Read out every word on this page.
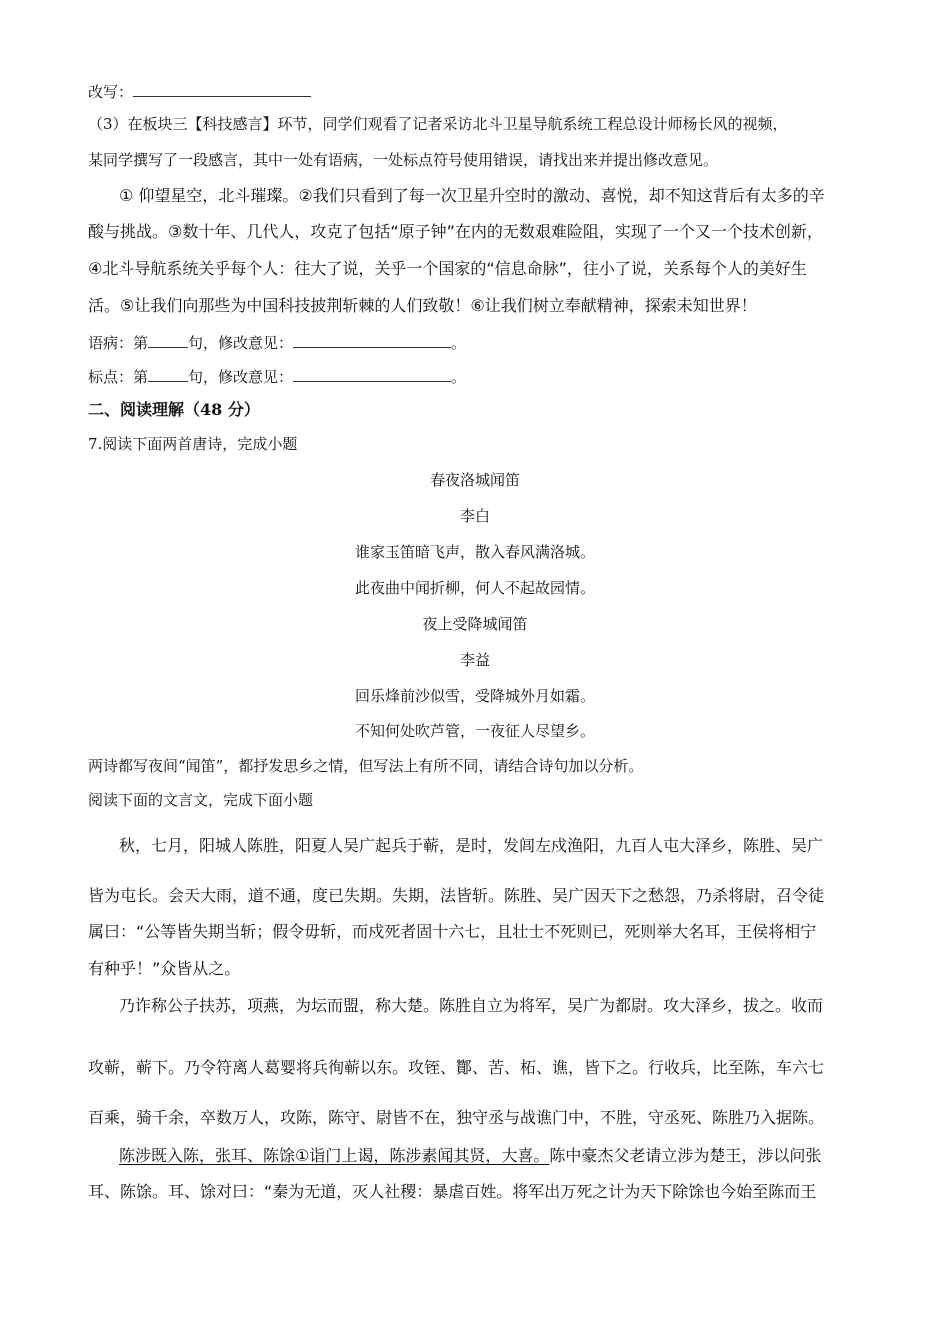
改写：
（3）在板块三【科技感言】环节，同学们观看了记者采访北斗卫星导航系统工程总设计师杨长风的视频，
某同学撰写了一段感言，其中一处有语病，一处标点符号使用错误，请找出来并提出修改意见。
① 仰望星空，北斗璀璨。②我们只看到了每一次卫星升空时的激动、喜悦，却不知这背后有太多的辛
酸与挑战。③数十年、几代人，攻克了包括“原子钟”在内的无数艰难险阻，实现了一个又一个技术创新，
④北斗导航系统关乎每个人：往大了说，关乎一个国家的“信息命脉”，往小了说，关系每个人的美好生
活。⑤让我们向那些为中国科技披荆斩棘的人们致敬！⑥让我们树立奉献精神，探索未知世界！
语病：第	句，修改意见：	。
标点：第	句，修改意见：	。
二、阅读理解（48 分）
7.阅读下面两首唐诗，完成小题
春夜洛城闻笛
李白
谁家玉笛暗飞声，散入春风满洛城。
此夜曲中闻折柳，何人不起故园情。
夜上受降城闻笛
李益
回乐烽前沙似雪，受降城外月如霜。
不知何处吹芦管，一夜征人尽望乡。
两诗都写夜间“闻笛”，都抒发思乡之情，但写法上有所不同，请结合诗句加以分析。
阅读下面的文言文，完成下面小题
秋，七月，阳城人陈胜，阳夏人吴广起兵于蕲，是时，发闾左戍渔阳，九百人屯大泽乡，陈胜、吴广
皆为屯长。会天大雨，道不通，度已失期。失期，法皆斩。陈胜、吴广因天下之愁怨，乃杀将尉，召令徒
属曰：“公等皆失期当斩；假令毋斩，而戍死者固十六七，且壮士不死则已，死则举大名耳，王侯将相宁
有种乎！”众皆从之。
乃诈称公子扶苏，项燕，为坛而盟，称大楚。陈胜自立为将军，吴广为都尉。攻大泽乡，拔之。收而
攻蕲，蕲下。乃令符离人葛婴将兵徇蕲以东。攻铚、酇、苦、柘、谯，皆下之。行收兵，比至陈，车六七
百乘，骑千余，卒数万人，攻陈，陈守、尉皆不在，独守丞与战谯门中，不胜，守丞死、陈胜乃入据陈。
陈涉既入陈，张耳、陈馀①诣门上谒，陈涉素闻其贤，大喜。陈中豪杰父老请立涉为楚王，涉以问张
耳、陈馀。耳、馀对曰：“秦为无道，灭人社稷：暴虐百姓。将军出万死之计为天下除馀也今始至陈而王
